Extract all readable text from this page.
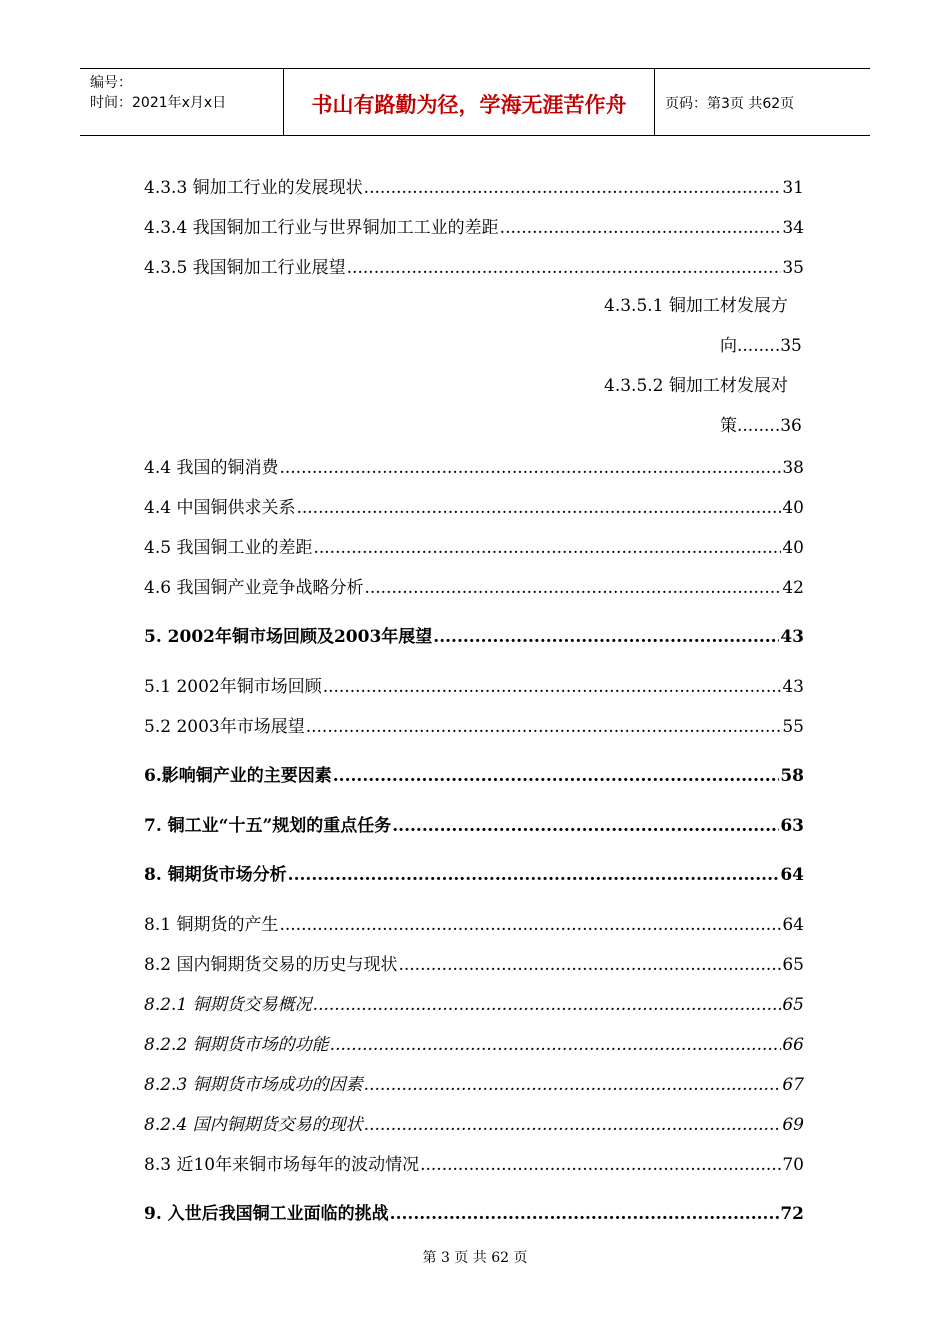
编号：
时间：2021年x月x日	书山有路勤为径，学海无涯苦作舟	页码：第3页 共62页
4.3.3 铜加工行业的发展现状 .....	31
4.3.4 我国铜加工行业与世界铜加工工业的差距 .....	34
4.3.5 我国铜加工行业展望 .....	35
4.3.5.1 铜加工材发展方
向........35
4.3.5.2 铜加工材发展对
策........36
4.4 我国的铜消费 .....	38
4.4 中国铜供求关系 .....	40
4.5 我国铜工业的差距 .....	40
4.6 我国铜产业竞争战略分析 .....	42
5. 2002年铜市场回顾及2003年展望 .....	43
5.1 2002年铜市场回顾 .....	43
5.2 2003年市场展望 .....	55
6.影响铜产业的主要因素 .....	58
7. 铜工业“十五”规划的重点任务 .....	63
8. 铜期货市场分析 .....	64
8.1 铜期货的产生 .....	64
8.2 国内铜期货交易的历史与现状 .....	65
8.2.1 铜期货交易概况 .....	65
8.2.2 铜期货市场的功能 .....	66
8.2.3 铜期货市场成功的因素 .....	67
8.2.4 国内铜期货交易的现状 .....	69
8.3 近10年来铜市场每年的波动情况 .....	70
9. 入世后我国铜工业面临的挑战 .....	72
第 3 页 共 62 页
